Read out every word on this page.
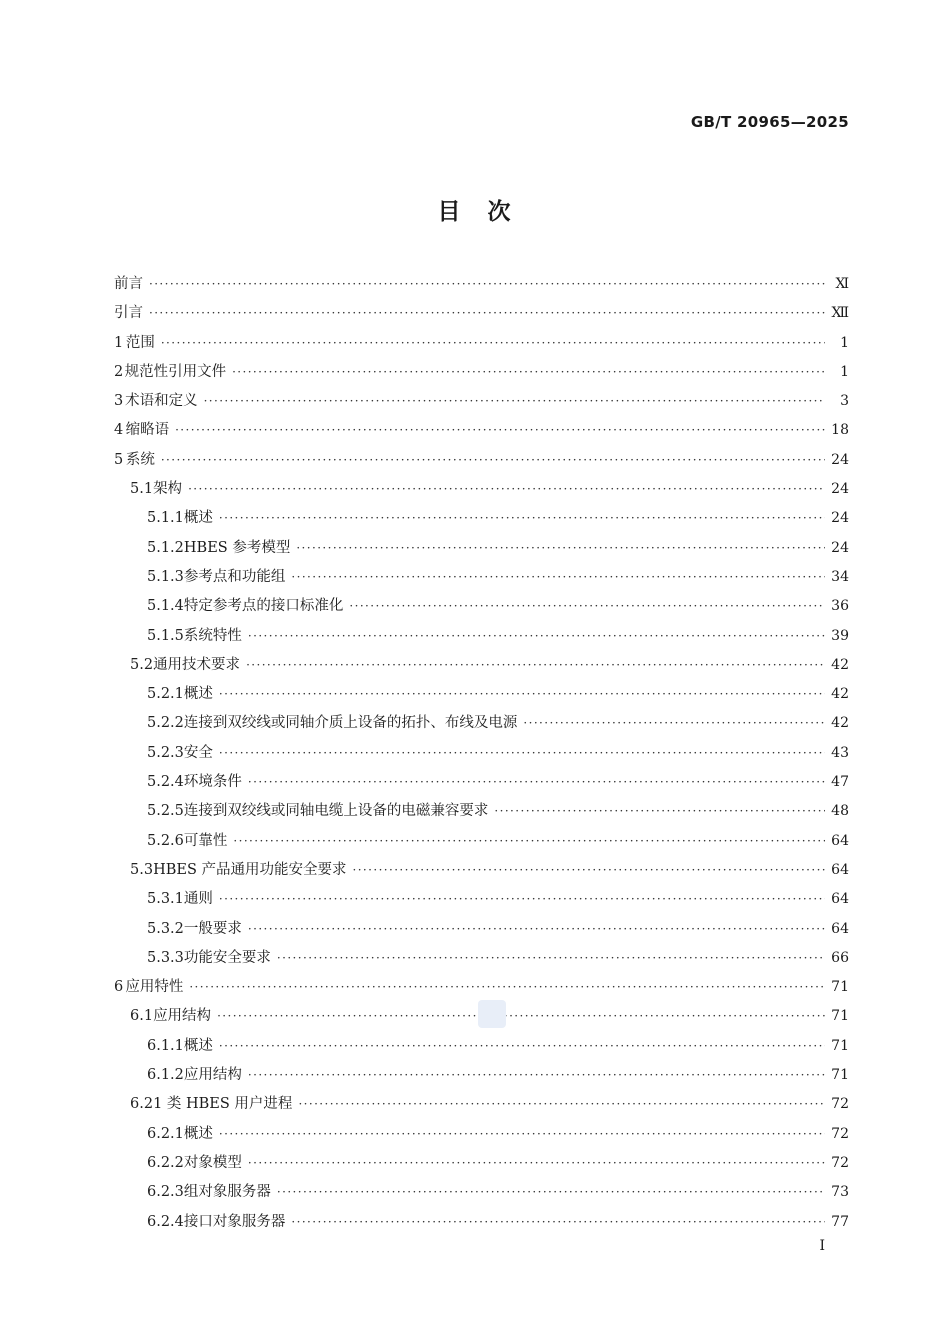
GB/T 20965—2025
目　次
前言 ·····	Ⅺ
引言 ·····	Ⅻ
1 范围 ·····	1
2 规范性引用文件 ·····	1
3 术语和定义 ·····	3
4 缩略语 ·····	18
5 系统 ·····	24
5.1 架构 ·····	24
5.1.1 概述 ·····	24
5.1.2 HBES 参考模型 ·····	24
5.1.3 参考点和功能组 ·····	34
5.1.4 特定参考点的接口标准化 ·····	36
5.1.5 系统特性 ·····	39
5.2 通用技术要求 ·····	42
5.2.1 概述 ·····	42
5.2.2 连接到双绞线或同轴介质上设备的拓扑、布线及电源 ·····	42
5.2.3 安全 ·····	43
5.2.4 环境条件 ·····	47
5.2.5 连接到双绞线或同轴电缆上设备的电磁兼容要求 ·····	48
5.2.6 可靠性 ·····	64
5.3 HBES 产品通用功能安全要求 ·····	64
5.3.1 通则 ·····	64
5.3.2 一般要求 ·····	64
5.3.3 功能安全要求 ·····	66
6 应用特性 ·····	71
6.1 应用结构 ·····	71
6.1.1 概述 ·····	71
6.1.2 应用结构 ·····	71
6.2 1 类 HBES 用户进程 ·····	72
6.2.1 概述 ·····	72
6.2.2 对象模型 ·····	72
6.2.3 组对象服务器 ·····	73
6.2.4 接口对象服务器 ·····	77
I
